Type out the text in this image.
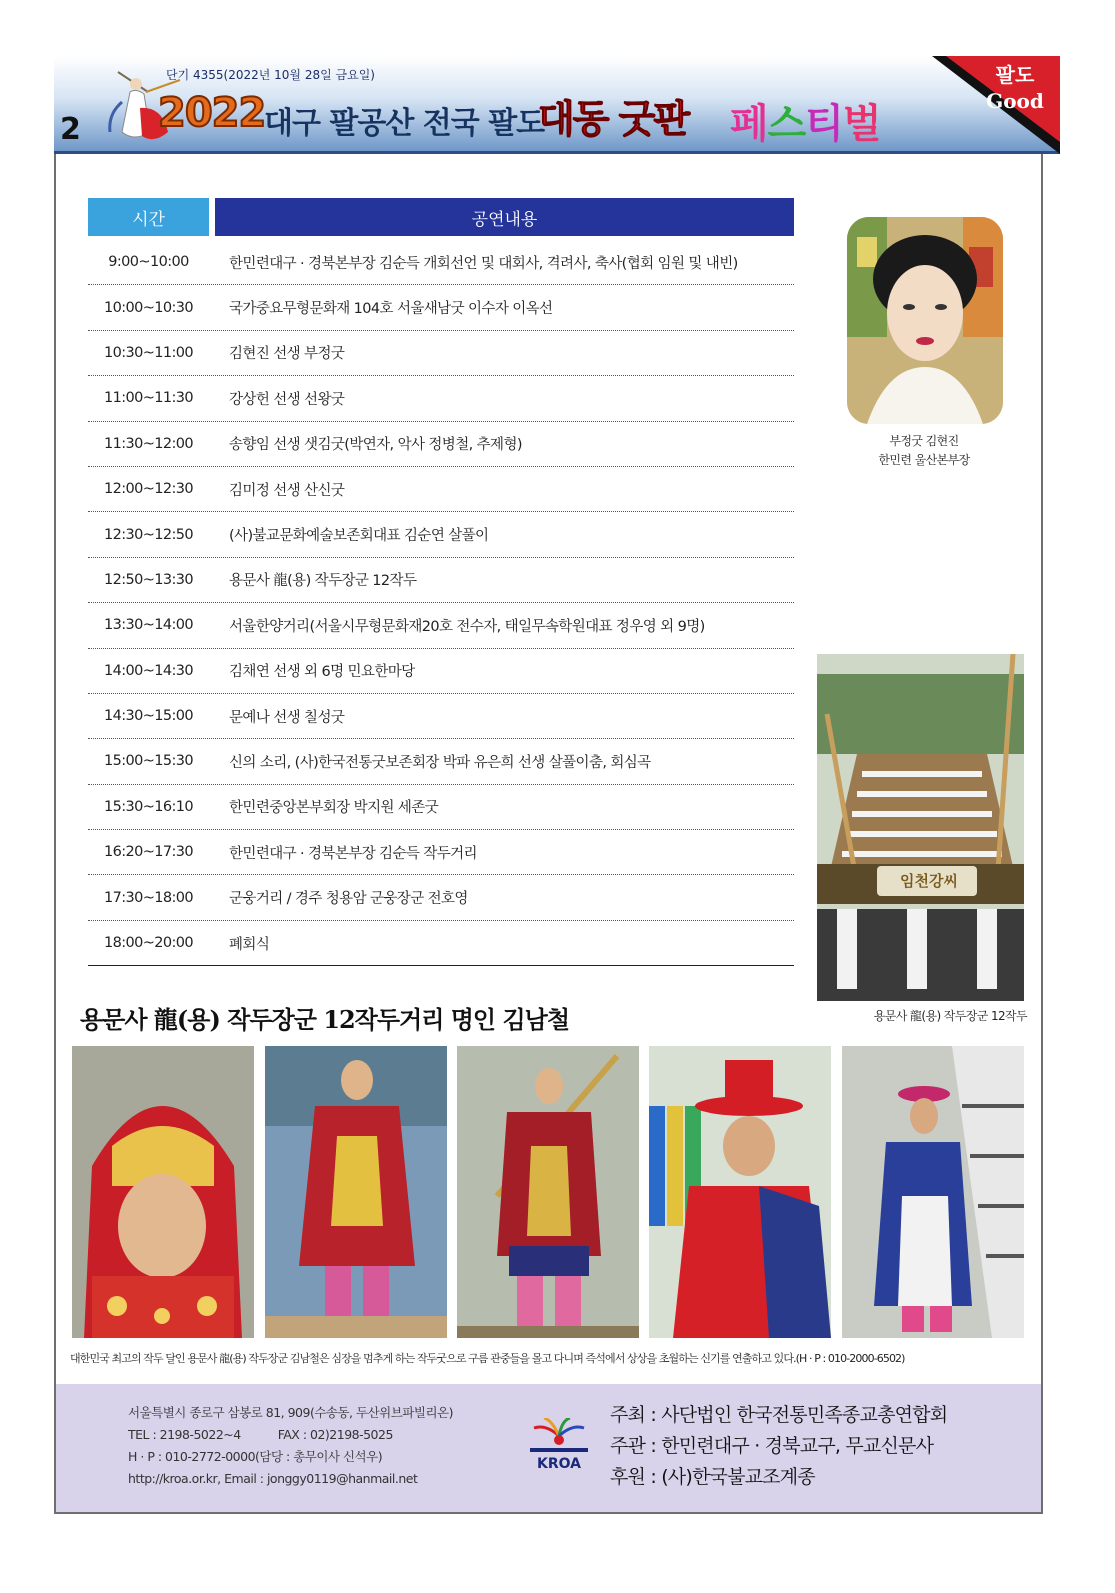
2
단기 4355(2022년 10월 28일 금요일)
2022
대구 팔공산 전국 팔도
대동 굿판 페스티벌
팔도
Good
시간	공연내용
9:00~10:00	한민련대구 · 경북본부장 김순득 개회선언 및 대회사, 격려사, 축사(협회 임원 및 내빈)
10:00~10:30	국가중요무형문화재 104호 서울새남굿 이수자 이옥선
10:30~11:00	김현진 선생 부정굿
11:00~11:30	강상헌 선생 선왕굿
11:30~12:00	송향임 선생 샛김굿(박연자, 악사 정병철, 추제형)
12:00~12:30	김미정 선생 산신굿
12:30~12:50	(사)불교문화예술보존회대표 김순연 살풀이
12:50~13:30	용문사 龍(용) 작두장군 12작두
13:30~14:00	서울한양거리(서울시무형문화재20호 전수자, 태일무속학원대표 정우영 외 9명)
14:00~14:30	김채연 선생 외 6명 민요한마당
14:30~15:00	문예나 선생 칠성굿
15:00~15:30	신의 소리, (사)한국전통굿보존회장 박파 유은희 선생 살풀이춤, 회심곡
15:30~16:10	한민련중앙본부회장 박지원 세존굿
16:20~17:30	한민련대구 · 경북본부장 김순득 작두거리
17:30~18:00	군웅거리 / 경주 청용암 군웅장군 전호영
18:00~20:00	폐회식
부정굿 김현진
한민련 울산본부장
임천강씨
용문사 龍(용) 작두장군 12작두
용문사 龍(용) 작두장군 12작두거리 명인 김남철
대한민국 최고의 작두 달인 용문사 龍(용) 작두장군 김남철은 심장을 멈추게 하는 작두굿으로 구름 관중들을 몰고 다니며 즉석에서 상상을 초월하는 신기를 연출하고 있다.(H · P : 010-2000-6502)
서울특별시 종로구 삼봉로 81, 909(수송동, 두산위브파빌리온)
TEL : 2198-5022~4	FAX : 02)2198-5025
H · P : 010-2772-0000(담당 : 총무이사 신석우)
http://kroa.or.kr, Email : jonggy0119@hanmail.net
KROA
주최 : 사단법인 한국전통민족종교총연합회
주관 : 한민련대구 · 경북교구, 무교신문사
후원 : (사)한국불교조계종
